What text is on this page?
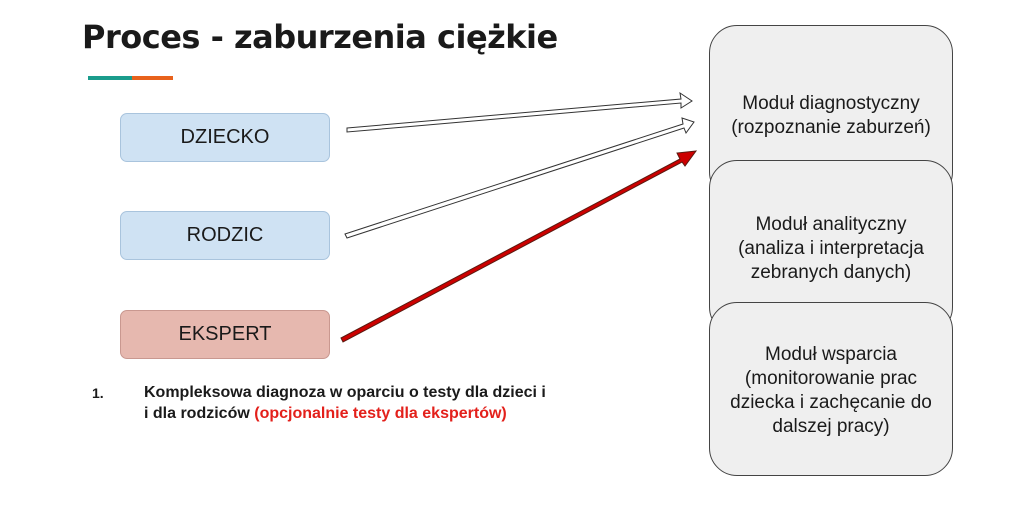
Proces - zaburzenia ciężkie
DZIECKO
RODZIC
EKSPERT

Moduł diagnostyczny

(rozpoznanie zaburzeń)

Moduł analityczny

(analiza i interpretacja

zebranych danych)

Moduł wsparcia

(monitorowanie prac

dziecka i zachęcanie do

dalszej pracy)

1.	Kompleksowa diagnoza w oparciu o testy dla dzieci i
i dla rodziców (opcjonalnie testy dla ekspertów)
